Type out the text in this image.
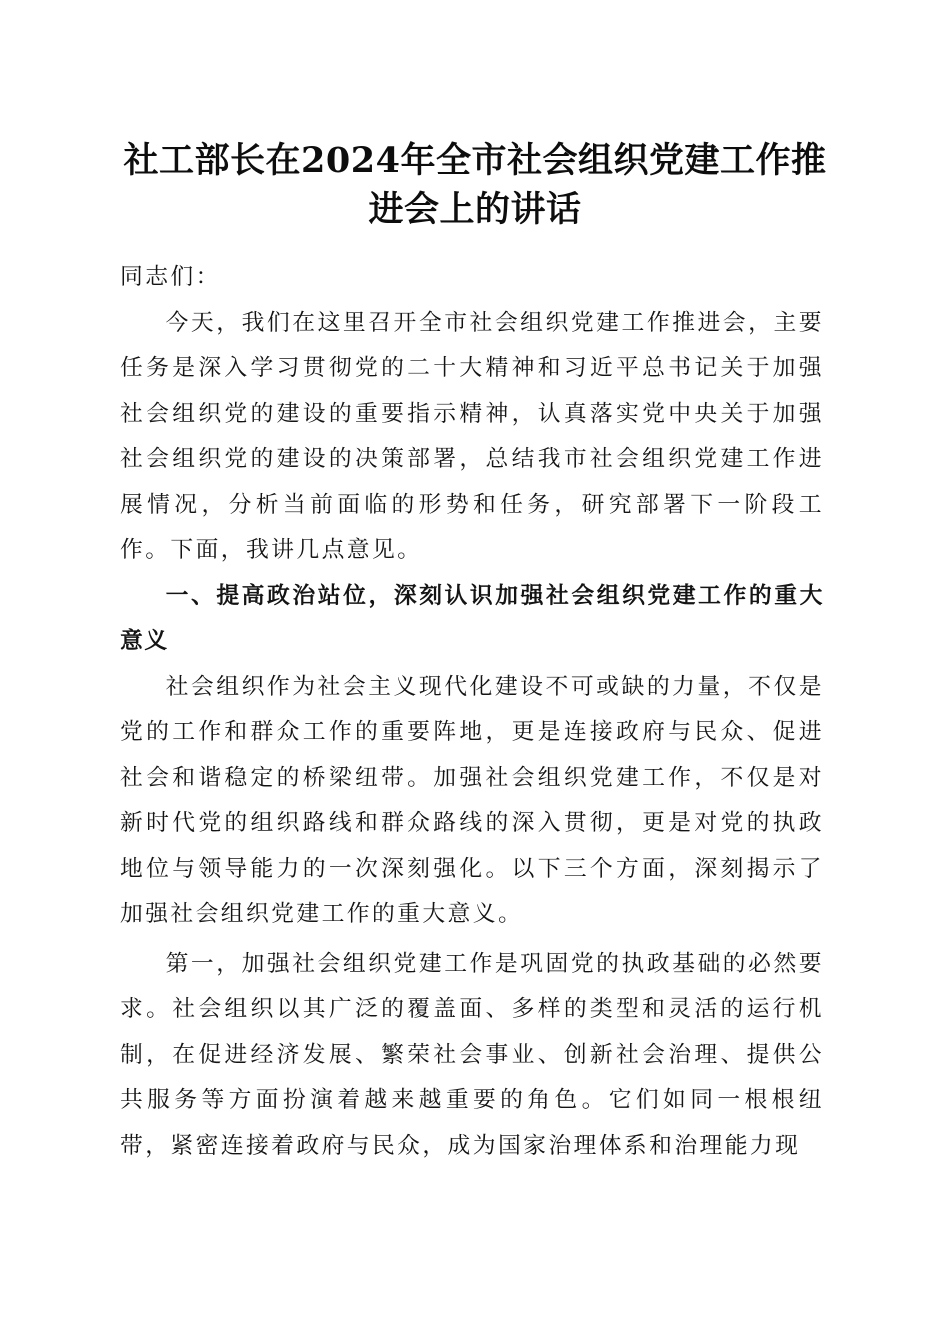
社工部长在2024年全市社会组织党建工作推进会上的讲话

同志们：

今天，我们在这里召开全市社会组织党建工作推进会，主要任务是深入学习贯彻党的二十大精神和习近平总书记关于加强社会组织党的建设的重要指示精神，认真落实党中央关于加强社会组织党的建设的决策部署，总结我市社会组织党建工作进展情况，分析当前面临的形势和任务，研究部署下一阶段工作。下面，我讲几点意见。

一、提高政治站位，深刻认识加强社会组织党建工作的重大意义

社会组织作为社会主义现代化建设不可或缺的力量，不仅是党的工作和群众工作的重要阵地，更是连接政府与民众、促进社会和谐稳定的桥梁纽带。加强社会组织党建工作，不仅是对新时代党的组织路线和群众路线的深入贯彻，更是对党的执政地位与领导能力的一次深刻强化。以下三个方面，深刻揭示了加强社会组织党建工作的重大意义。

第一，加强社会组织党建工作是巩固党的执政基础的必然要求。社会组织以其广泛的覆盖面、多样的类型和灵活的运行机制，在促进经济发展、繁荣社会事业、创新社会治理、提供公共服务等方面扮演着越来越重要的角色。它们如同一根根纽带，紧密连接着政府与民众，成为国家治理体系和治理能力现
